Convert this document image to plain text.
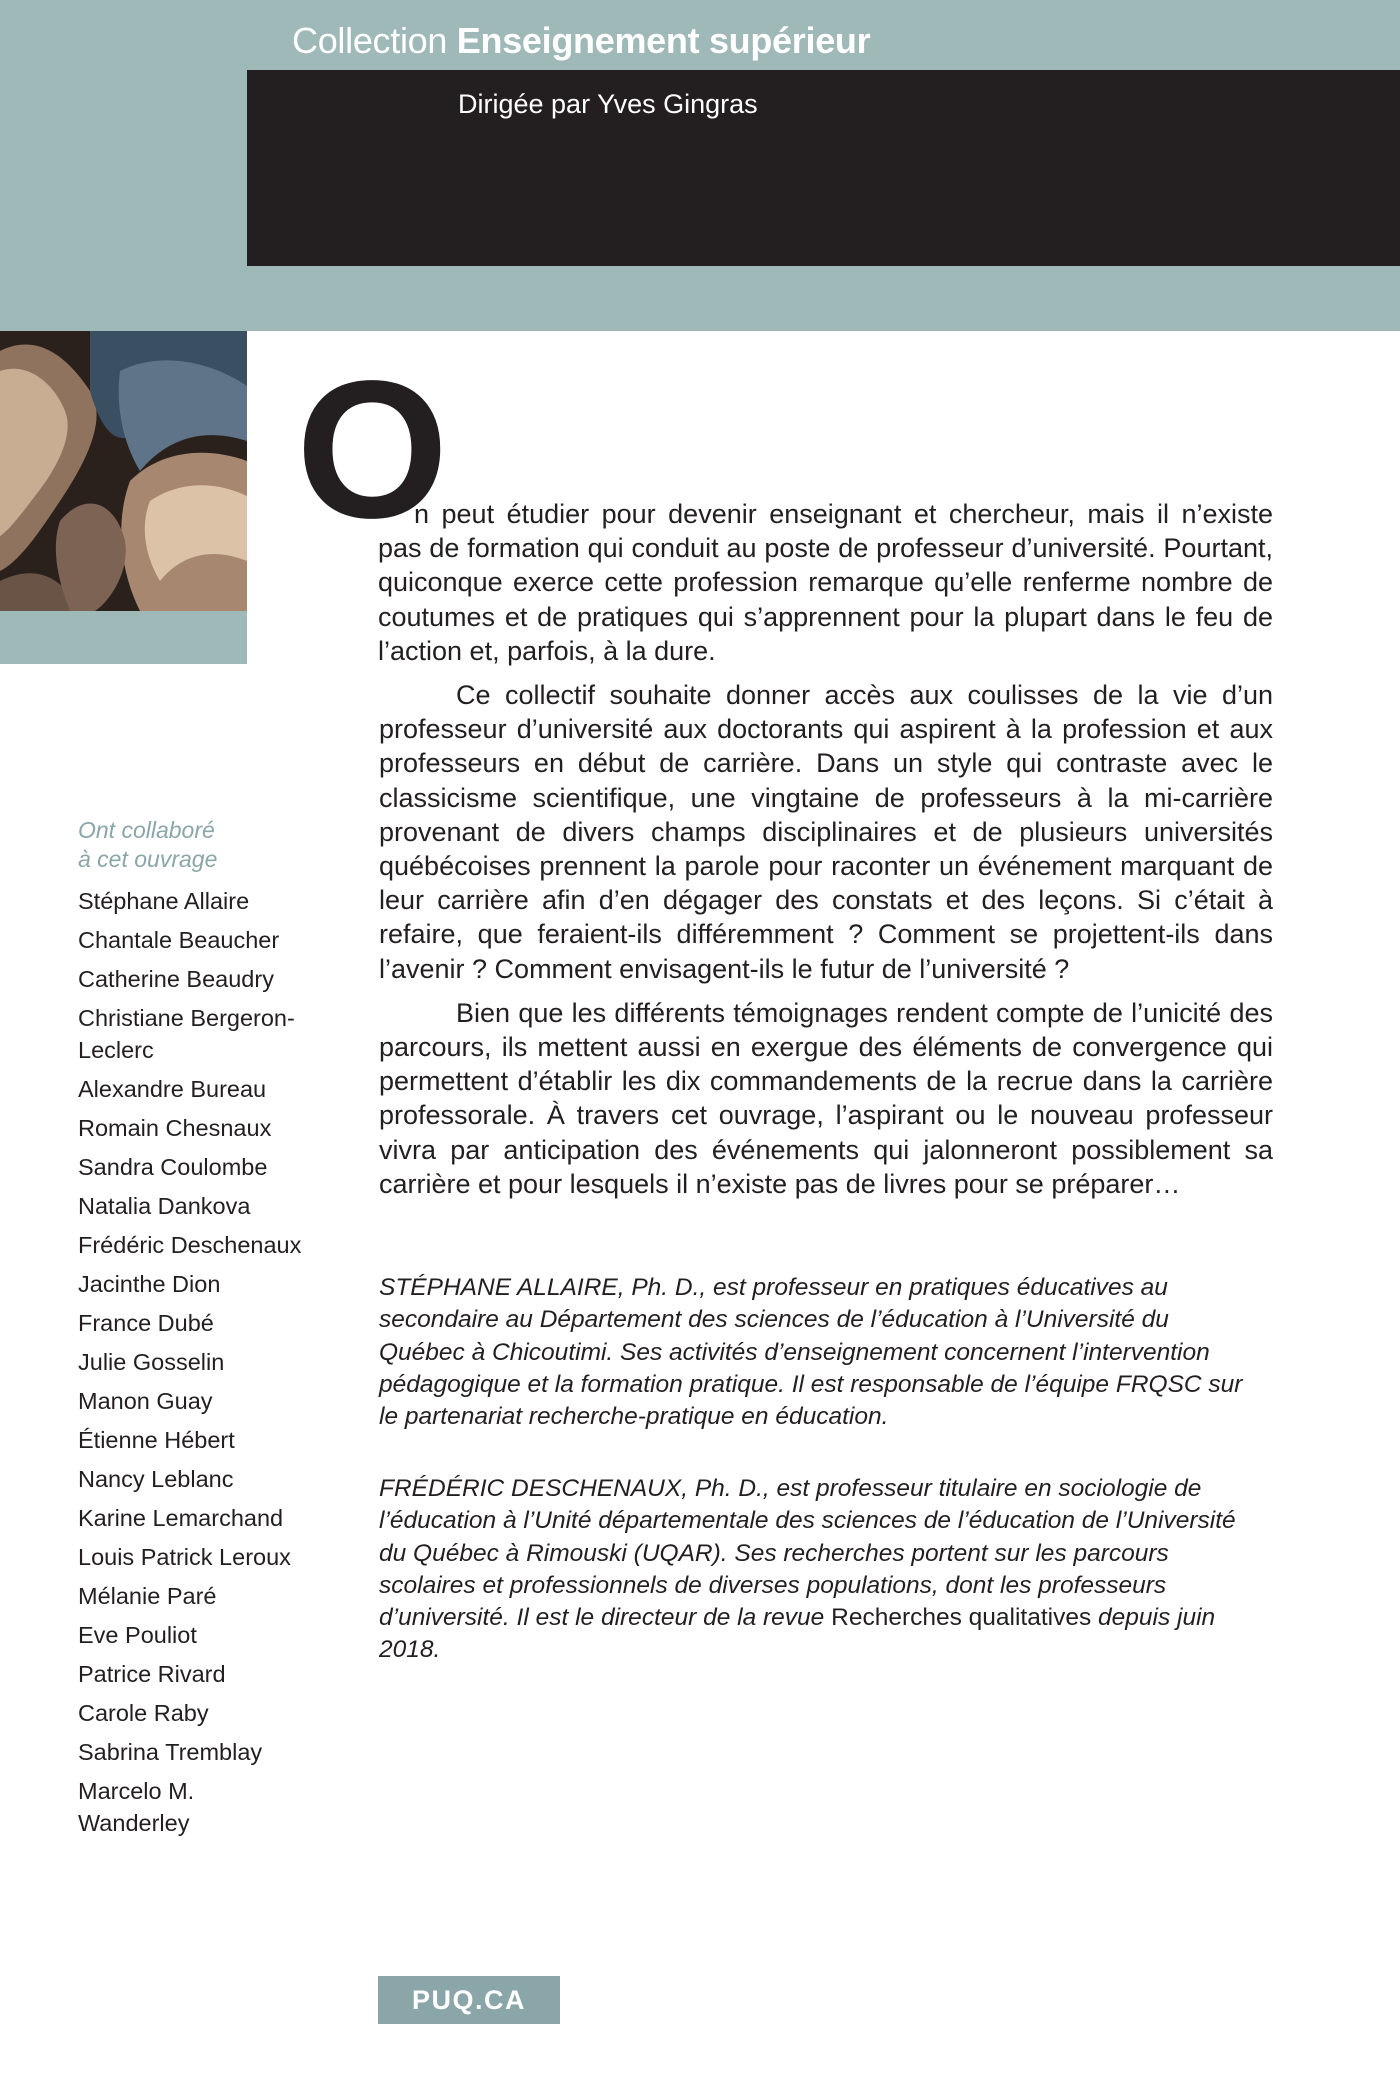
Collection Enseignement supérieur
Dirigée par Yves Gingras
O

n peut étudier pour devenir enseignant et chercheur, mais il n’existe pas de formation qui conduit au poste de professeur d’université. Pourtant, quiconque exerce cette profession remarque qu’elle renferme nombre de coutumes et de pratiques qui s’apprennent pour la plupart dans le feu de l’action et, parfois, à la dure.

Ce collectif souhaite donner accès aux coulisses de la vie d’un professeur d’université aux doctorants qui aspirent à la profession et aux professeurs en début de carrière. Dans un style qui contraste avec le classicisme scientifique, une vingtaine de professeurs à la mi-carrière provenant de divers champs disciplinaires et de plusieurs universités québécoises prennent la parole pour raconter un événement marquant de leur carrière afin d’en dégager des constats et des leçons. Si c’était à refaire, que feraient-ils différemment ? Comment se projettent-ils dans l’avenir ? Comment envisagent-ils le futur de l’université ?

Bien que les différents témoignages rendent compte de l’unicité des parcours, ils mettent aussi en exergue des éléments de convergence qui permettent d’établir les dix commandements de la recrue dans la carrière professorale. À travers cet ouvrage, l’aspirant ou le nouveau professeur vivra par anticipation des événements qui jalonneront possiblement sa carrière et pour lesquels il n’existe pas de livres pour se préparer…

STÉPHANE ALLAIRE, Ph. D., est professeur en pratiques éducatives au secondaire au Département des sciences de l’éducation à l’Université du Québec à Chicoutimi. Ses activités d’enseignement concernent l’intervention pédagogique et la formation pratique. Il est responsable de l’équipe FRQSC sur le partenariat recherche-pratique en éducation.

FRÉDÉRIC DESCHENAUX, Ph. D., est professeur titulaire en sociologie de l’éducation à l’Unité départementale des sciences de l’éducation de l’Université du Québec à Rimouski (UQAR). Ses recherches portent sur les parcours scolaires et professionnels de diverses populations, dont les professeurs d’université. Il est le directeur de la revue Recherches qualitatives depuis juin 2018.

Ont collaboré
à cet ouvrage
Stéphane Allaire
Chantale Beaucher
Catherine Beaudry
Christiane Bergeron-Leclerc
Alexandre Bureau
Romain Chesnaux
Sandra Coulombe
Natalia Dankova
Frédéric Deschenaux
Jacinthe Dion
France Dubé
Julie Gosselin
Manon Guay
Étienne Hébert
Nancy Leblanc
Karine Lemarchand
Louis Patrick Leroux
Mélanie Paré
Eve Pouliot
Patrice Rivard
Carole Raby
Sabrina Tremblay
Marcelo M. Wanderley
PUQ.CA
